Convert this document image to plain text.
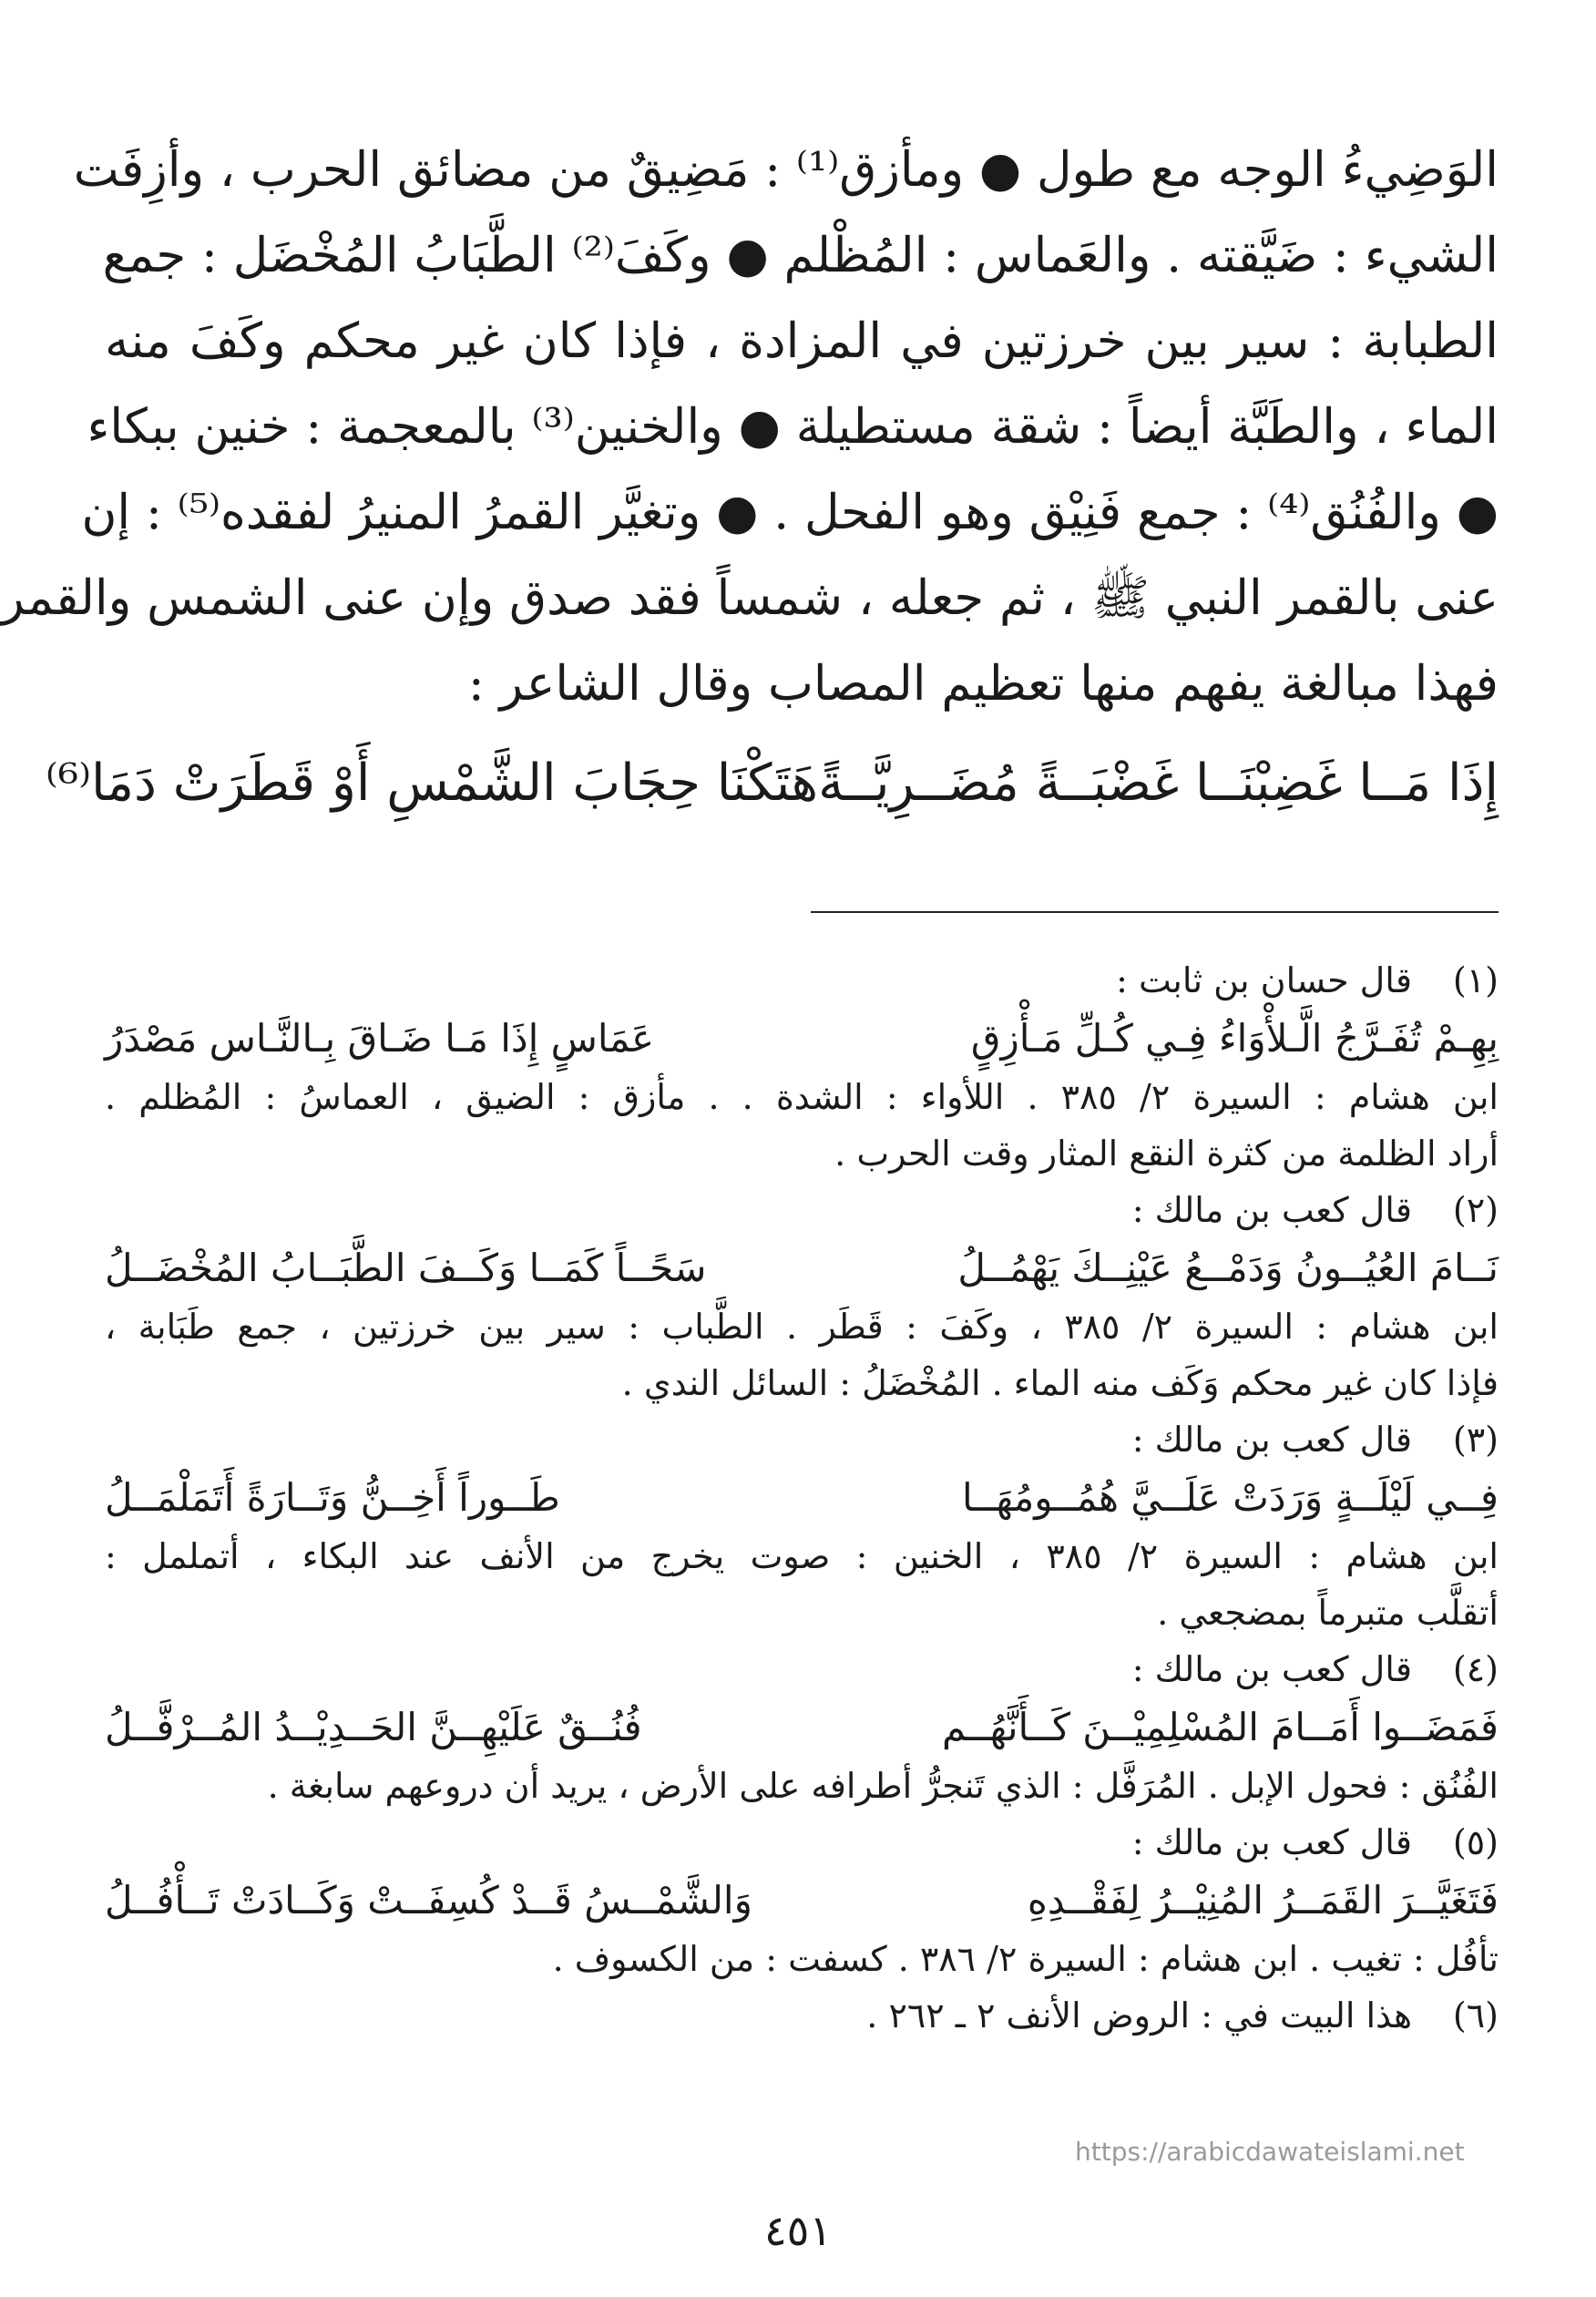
الوَضِيءُ الوجه مع طول ● ومأزق⁽¹⁾ : مَضِيقٌ من مضائق الحرب ، وأزِفَت
الشيء : ضَيَّقته . والعَماس : المُظْلم ● وكَفَ⁽²⁾ الطَّبَابُ المُخْضَل : جمع
الطبابة : سير بين خرزتين في المزادة ، فإذا كان غير محكم وكَفَ منه
الماء ، والطَبَّة أيضاً : شقة مستطيلة ● والخنين⁽³⁾ بالمعجمة : خنين ببكاء
● والفُنُق⁽⁴⁾ : جمع فَنِيْق وهو الفحل . ● وتغيَّر القمرُ المنيرُ لفقده⁽⁵⁾ : إن
عنى بالقمر النبي ﷺ ، ثم جعله ، شمساً فقد صدق وإن عنى الشمس والقمر
فهذا مبالغة يفهم منها تعظيم المصاب وقال الشاعر :
إِذَا مَــا غَضِبْنَــا غَضْبَــةً مُضَــرِيَّــةً
هَتَكْنَا حِجَابَ الشَّمْسِ أَوْ قَطَرَتْ دَمَا⁽⁶⁾
(١)
قال حسان بن ثابت :
بِهِـمْ تُفَـرَّجُ الَّـلأْوَاءُ فِـي كُـلِّ مَـأْزِقٍ
عَمَاسٍ إِذَا مَـا ضَـاقَ بِـالنَّـاس مَصْدَرُ
ابن هشام : السيرة ٢/ ٣٨٥ . اللأواء : الشدة . . مأزق : الضيق ، العماسُ : المُظلم .
أراد الظلمة من كثرة النقع المثار وقت الحرب .
(٢)
قال كعب بن مالك :
نَــامَ العُيُــونُ وَدَمْــعُ عَيْنِــكَ يَهْمُــلُ
سَحًــاً كَمَــا وَكَــفَ الطَّبَــابُ المُخْضَــلُ
ابن هشام : السيرة ٢/ ٣٨٥ ، وكَفَ : قَطَر . الطَّباب : سير بين خرزتين ، جمع طَبَابة ،
فإذا كان غير محكم وَكَف منه الماء . المُخْضَلُ : السائل الندي .
(٣)
قال كعب بن مالك :
فِــي لَيْلَــةٍ وَرَدَتْ عَلَــيَّ هُمُــومُهَــا
طَــوراً أَخِــنُّ وَتَــارَةً أَتَمَلْمَــلُ
ابن هشام : السيرة ٢/ ٣٨٥ ، الخنين : صوت يخرج من الأنف عند البكاء ، أتململ :
أتقلَّب متبرماً بمضجعي .
(٤)
قال كعب بن مالك :
فَمَضَــوا أَمَــامَ المُسْلِمِيْــنَ كَــأَنَّهُــم
فُنُــقٌ عَلَيْهِــنَّ الحَــدِيْــدُ المُــرْفَّــلُ
الفُنُق : فحول الإبل . المُرَفَّل : الذي تَنجرُّ أطرافه على الأرض ، يريد أن دروعهم سابغة .
(٥)
قال كعب بن مالك :
فَتَغَيَّــرَ القَمَــرُ المُنِيْــرُ لِفَقْــدِهِ
وَالشَّمْــسُ قَــدْ كُسِفَــتْ وَكَــادَتْ تَــأْفُــلُ
تأفُل : تغيب . ابن هشام : السيرة ٢/ ٣٨٦ . كسفت : من الكسوف .
(٦)
هذا البيت في : الروض الأنف ٢ ـ ٢٦٢ .
https://arabicdawateislami.net
٤٥١
